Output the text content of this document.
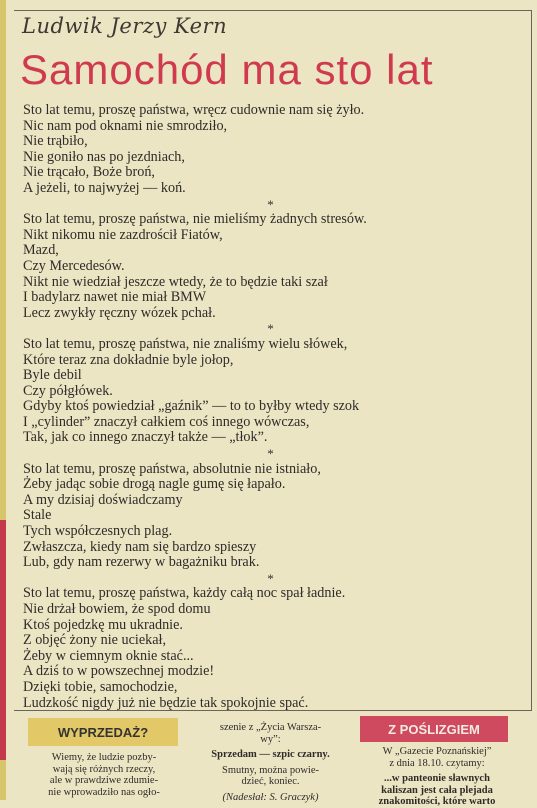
Ludwik Jerzy Kern
Samochód ma sto lat
Sto lat temu, proszę państwa, wręcz cudownie nam się żyło.
Nic nam pod oknami nie smrodziło,
Nie trąbiło,
Nie goniło nas po jezdniach,
Nie trącało, Boże broń,
A jeżeli, to najwyżej — koń.
*
Sto lat temu, proszę państwa, nie mieliśmy żadnych stresów.
Nikt nikomu nie zazdrościł Fiatów,
Mazd,
Czy Mercedesów.
Nikt nie wiedział jeszcze wtedy, że to będzie taki szał
I badylarz nawet nie miał BMW
Lecz zwykły ręczny wózek pchał.
*
Sto lat temu, proszę państwa, nie znaliśmy wielu słówek,
Które teraz zna dokładnie byle jołop,
Byle debil
Czy półgłówek.
Gdyby ktoś powiedział „gaźnik” — to to byłby wtedy szok
I „cylinder” znaczył całkiem coś innego wówczas,
Tak, jak co innego znaczył także — „tłok”.
*
Sto lat temu, proszę państwa, absolutnie nie istniało,
Żeby jadąc sobie drogą nagle gumę się łapało.
A my dzisiaj doświadczamy
Stale
Tych współczesnych plag.
Zwłaszcza, kiedy nam się bardzo spieszy
Lub, gdy nam rezerwy w bagażniku brak.
*
Sto lat temu, proszę państwa, każdy całą noc spał ładnie.
Nie drżał bowiem, że spod domu
Ktoś pojedzkę mu ukradnie.
Z objęć żony nie uciekał,
Żeby w ciemnym oknie stać...
A dziś to w powszechnej modzie!
Dzięki tobie, samochodzie,
Ludzkość nigdy już nie będzie tak spokojnie spać.
WYPRZEDAŻ?
Wiemy, że ludzie pozby-
wają się różnych rzeczy,
ale w prawdziwe zdumie-
nie wprowadziło nas ogło-
szenie z „Życia Warsza-
wy”:
Sprzedam — szpic czarny.
Smutny, można powie-
dzieć, koniec.
(Nadesłał: S. Graczyk)
Z POŚLIZGIEM
W „Gazecie Poznańskiej”
z dnia 18.10. czytamy:
...w panteonie sławnych
kaliszan jest cała plejada
znakomitości, które warto
